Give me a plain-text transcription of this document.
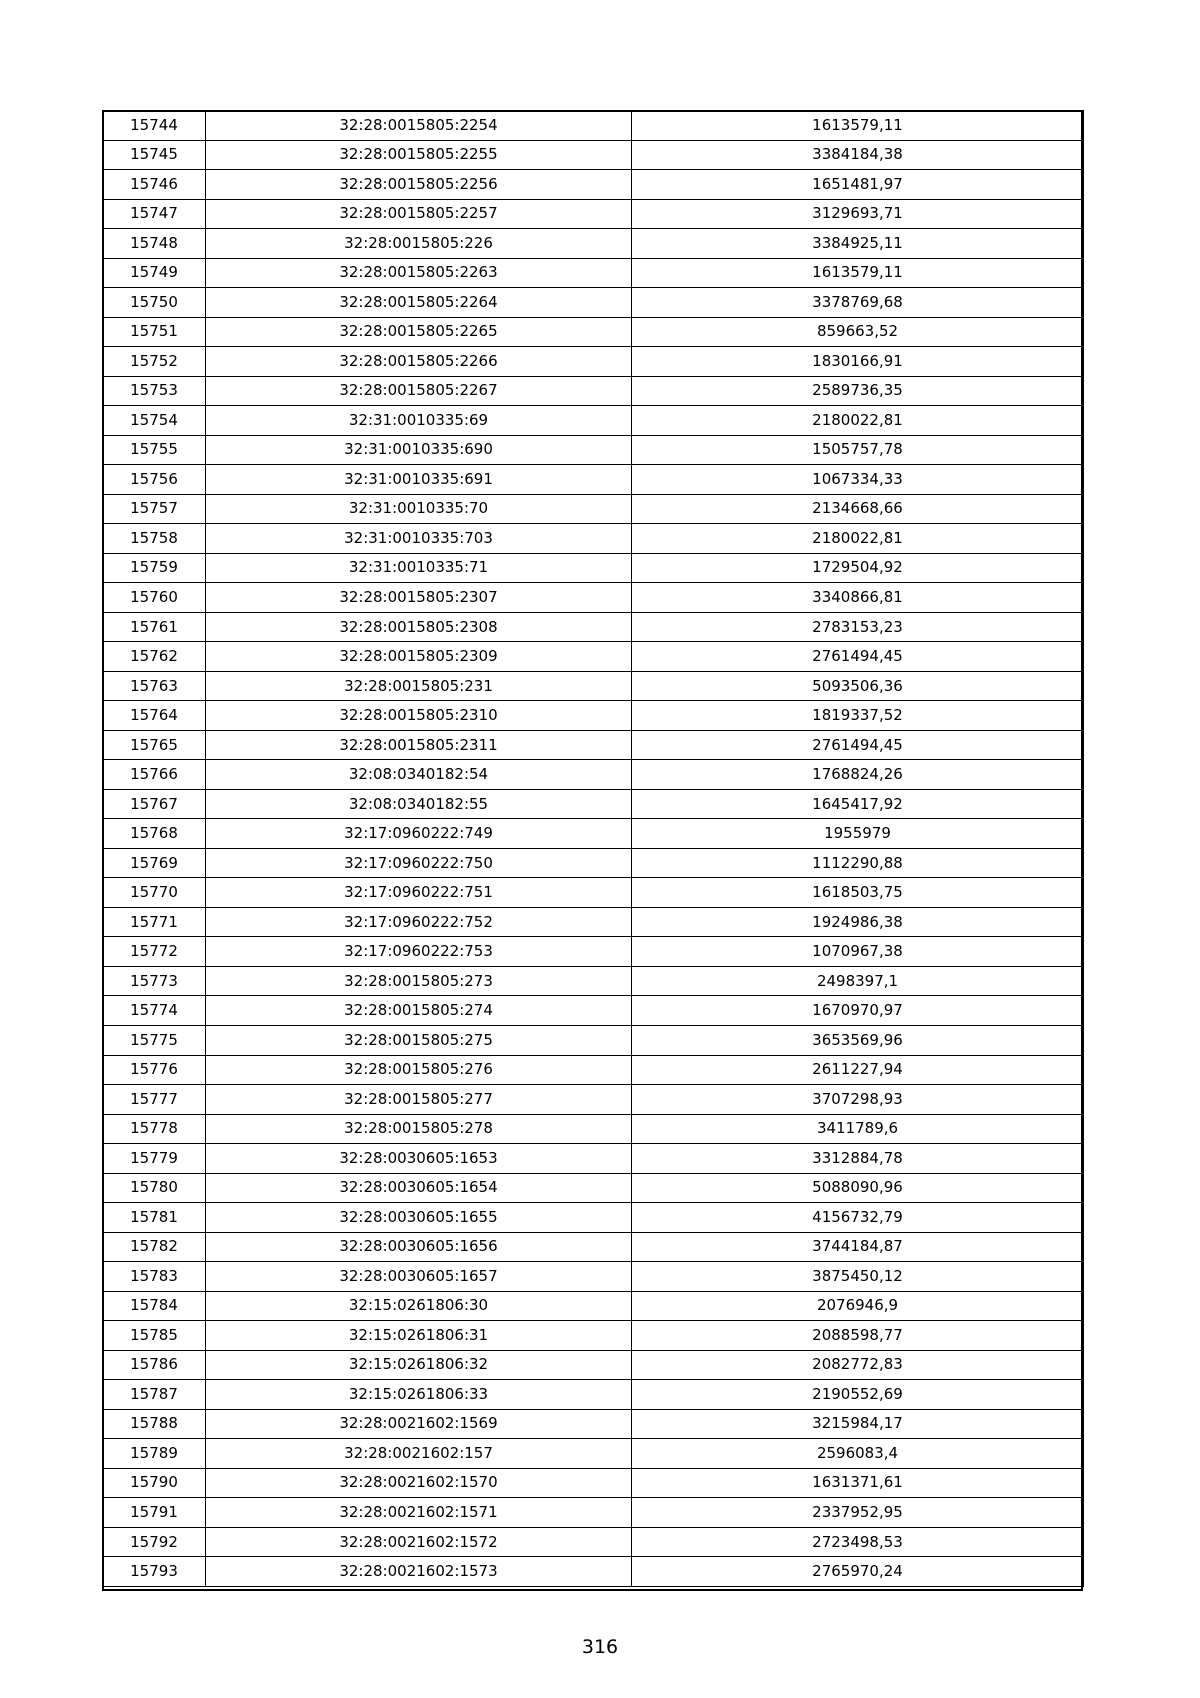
15744	32:28:0015805:2254	1613579,11
15745	32:28:0015805:2255	3384184,38
15746	32:28:0015805:2256	1651481,97
15747	32:28:0015805:2257	3129693,71
15748	32:28:0015805:226	3384925,11
15749	32:28:0015805:2263	1613579,11
15750	32:28:0015805:2264	3378769,68
15751	32:28:0015805:2265	859663,52
15752	32:28:0015805:2266	1830166,91
15753	32:28:0015805:2267	2589736,35
15754	32:31:0010335:69	2180022,81
15755	32:31:0010335:690	1505757,78
15756	32:31:0010335:691	1067334,33
15757	32:31:0010335:70	2134668,66
15758	32:31:0010335:703	2180022,81
15759	32:31:0010335:71	1729504,92
15760	32:28:0015805:2307	3340866,81
15761	32:28:0015805:2308	2783153,23
15762	32:28:0015805:2309	2761494,45
15763	32:28:0015805:231	5093506,36
15764	32:28:0015805:2310	1819337,52
15765	32:28:0015805:2311	2761494,45
15766	32:08:0340182:54	1768824,26
15767	32:08:0340182:55	1645417,92
15768	32:17:0960222:749	1955979
15769	32:17:0960222:750	1112290,88
15770	32:17:0960222:751	1618503,75
15771	32:17:0960222:752	1924986,38
15772	32:17:0960222:753	1070967,38
15773	32:28:0015805:273	2498397,1
15774	32:28:0015805:274	1670970,97
15775	32:28:0015805:275	3653569,96
15776	32:28:0015805:276	2611227,94
15777	32:28:0015805:277	3707298,93
15778	32:28:0015805:278	3411789,6
15779	32:28:0030605:1653	3312884,78
15780	32:28:0030605:1654	5088090,96
15781	32:28:0030605:1655	4156732,79
15782	32:28:0030605:1656	3744184,87
15783	32:28:0030605:1657	3875450,12
15784	32:15:0261806:30	2076946,9
15785	32:15:0261806:31	2088598,77
15786	32:15:0261806:32	2082772,83
15787	32:15:0261806:33	2190552,69
15788	32:28:0021602:1569	3215984,17
15789	32:28:0021602:157	2596083,4
15790	32:28:0021602:1570	1631371,61
15791	32:28:0021602:1571	2337952,95
15792	32:28:0021602:1572	2723498,53
15793	32:28:0021602:1573	2765970,24
316
